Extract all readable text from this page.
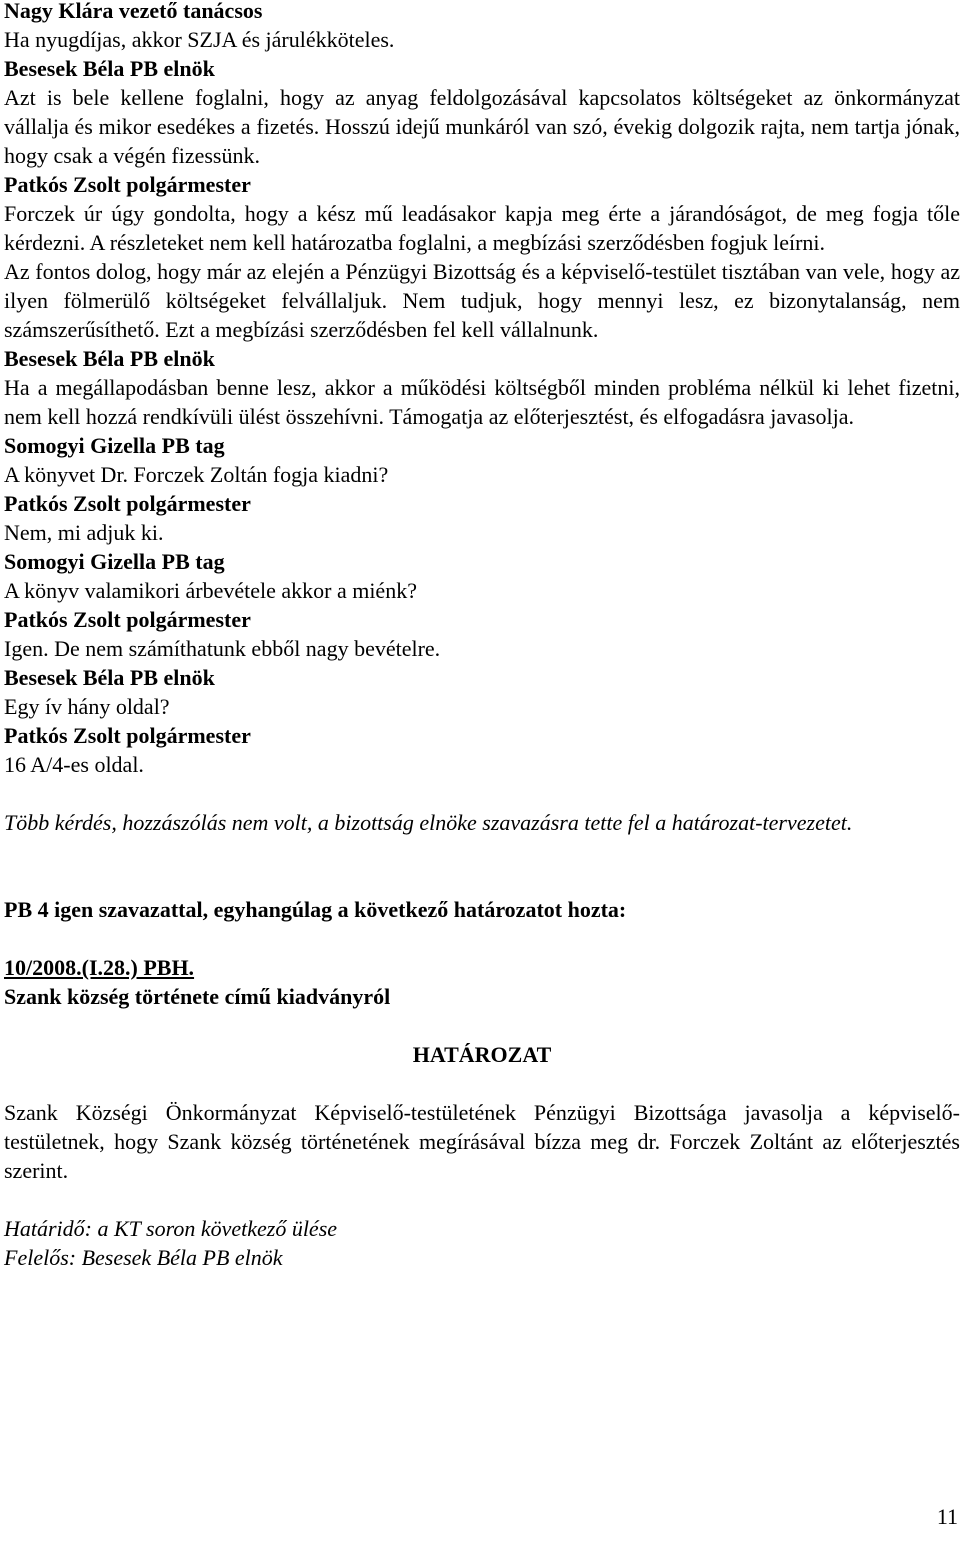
Nagy Klára vezető tanácsos

Ha nyugdíjas, akkor SZJA és járulékköteles.

Besesek Béla PB elnök

Azt is bele kellene foglalni, hogy az anyag feldolgozásával kapcsolatos költségeket az önkormányzat vállalja és mikor esedékes a fizetés. Hosszú idejű munkáról van szó, évekig dolgozik rajta, nem tartja jónak, hogy csak a végén fizessünk.

Patkós Zsolt polgármester

Forczek úr úgy gondolta, hogy a kész mű leadásakor kapja meg érte a járandóságot, de meg fogja tőle kérdezni. A részleteket nem kell határozatba foglalni, a megbízási szerződésben fogjuk leírni.

Az fontos dolog, hogy már az elején a Pénzügyi Bizottság és a képviselő-testület tisztában van vele, hogy az ilyen fölmerülő költségeket felvállaljuk. Nem tudjuk, hogy mennyi lesz, ez bizonytalanság, nem számszerűsíthető. Ezt a megbízási szerződésben fel kell vállalnunk.

Besesek Béla PB elnök

Ha a megállapodásban benne lesz, akkor a működési költségből minden probléma nélkül ki lehet fizetni, nem kell hozzá rendkívüli ülést összehívni. Támogatja az előterjesztést, és elfogadásra javasolja.

Somogyi Gizella PB tag

A könyvet Dr. Forczek Zoltán fogja kiadni?

Patkós Zsolt polgármester

Nem, mi adjuk ki.

Somogyi Gizella PB tag

A könyv valamikori árbevétele akkor a miénk?

Patkós Zsolt polgármester

Igen. De nem számíthatunk ebből nagy bevételre.

Besesek Béla PB elnök

Egy ív hány oldal?

Patkós Zsolt polgármester

16 A/4-es oldal.

Több kérdés, hozzászólás nem volt, a bizottság elnöke szavazásra tette fel a határozat-tervezetet.

PB 4 igen szavazattal, egyhangúlag a következő határozatot hozta:

10/2008.(I.28.) PBH.

Szank község története című kiadványról

HATÁROZAT

Szank Községi Önkormányzat Képviselő-testületének Pénzügyi Bizottsága javasolja a képviselő-testületnek, hogy Szank község történetének megírásával bízza meg dr. Forczek Zoltánt az előterjesztés szerint.

Határidő: a KT soron következő ülése

Felelős: Besesek Béla PB elnök

11
